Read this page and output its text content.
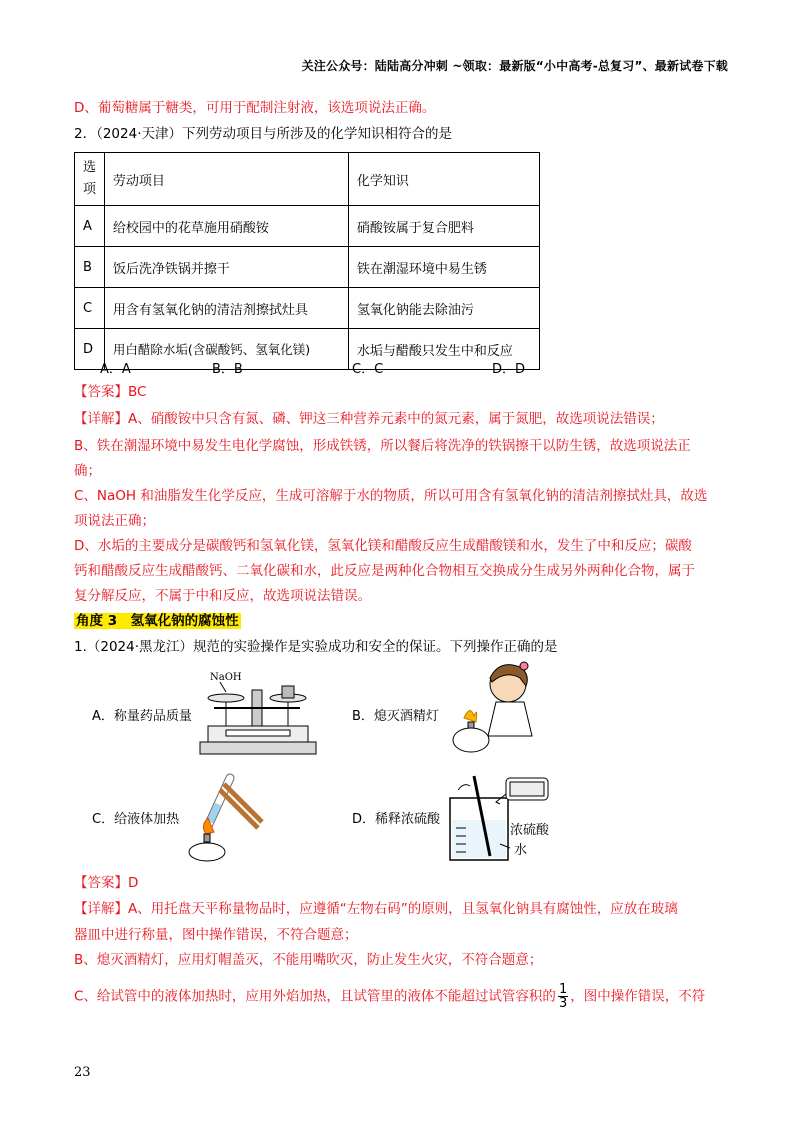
关注公众号：陆陆高分冲刺 ~领取：最新版“小中高考-总复习”、最新试卷下载
D、葡萄糖属于糖类，可用于配制注射液，该选项说法正确。
2．（2024·天津）下列劳动项目与所涉及的化学知识相符合的是
选项	劳动项目	化学知识
A	给校园中的花草施用硝酸铵	硝酸铵属于复合肥料
B	饭后洗净铁锅并擦干	铁在潮湿环境中易生锈
C	用含有氢氧化钠的清洁剂擦拭灶具	氢氧化钠能去除油污
D	用白醋除水垢(含碳酸钙、氢氧化镁)	水垢与醋酸只发生中和反应
A．A	B．B	C．C	D．D
【答案】BC
【详解】A、硝酸铵中只含有氮、磷、钾这三种营养元素中的氮元素，属于氮肥，故选项说法错误；
B、铁在潮湿环境中易发生电化学腐蚀，形成铁锈，所以餐后将洗净的铁锅擦干以防生锈，故选项说法正
确；
C、NaOH 和油脂发生化学反应，生成可溶解于水的物质，所以可用含有氢氧化钠的清洁剂擦拭灶具，故选
项说法正确；
D、水垢的主要成分是碳酸钙和氢氧化镁，氢氧化镁和醋酸反应生成醋酸镁和水，发生了中和反应；碳酸
钙和醋酸反应生成醋酸钙、二氧化碳和水，此反应是两种化合物相互交换成分生成另外两种化合物，属于
复分解反应，不属于中和反应，故选项说法错误。
角度 3　氢氧化钠的腐蚀性
1.（2024·黑龙江）规范的实验操作是实验成功和安全的保证。下列操作正确的是
A．称量药品质量
NaOH
B．熄灭酒精灯
C．给液体加热	D．稀释浓硫酸
浓硫酸
水
【答案】D
【详解】A、用托盘天平称量物品时，应遵循“左物右码”的原则，且氢氧化钠具有腐蚀性，应放在玻璃
器皿中进行称量，图中操作错误，不符合题意；
B、熄灭酒精灯，应用灯帽盖灭，不能用嘴吹灭，防止发生火灾，不符合题意；
C、给试管中的液体加热时，应用外焰加热，且试管里的液体不能超过试管容积的 $\frac{1}{3}$ ，图中操作错误，不符
23
